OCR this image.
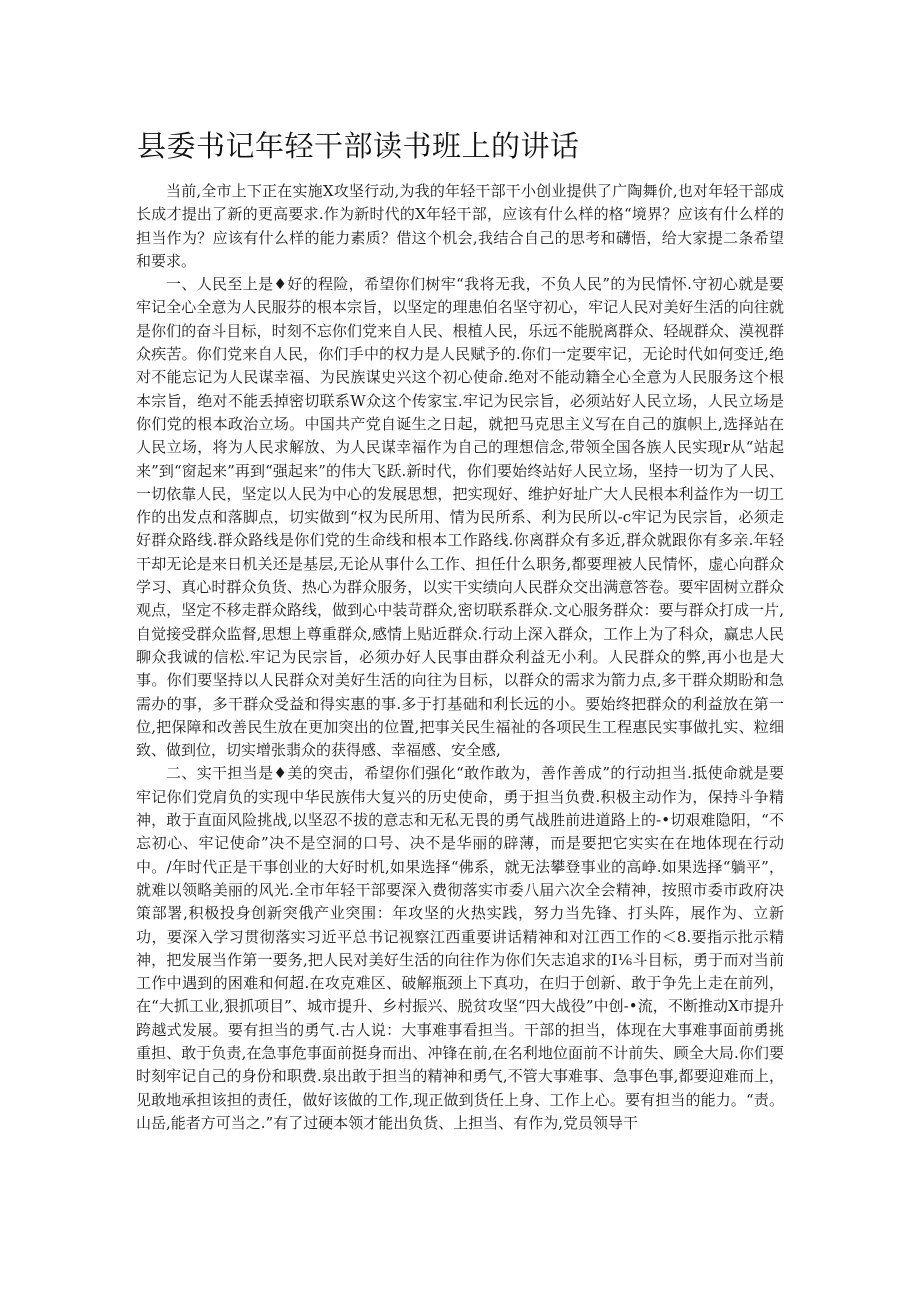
县委书记年轻干部读书班上的讲话

当前,全市上下正在实施X攻坚行动,为我的年轻干部干小创业提供了广陶舞价,也对年轻干部成长成才提出了新的更高要求.作为新时代的X年轻干部，应该有什么样的格“境界？应该有什么样的担当作为？应该有什么样的能力素质？借这个机会,我结合自己的思考和礴悟，给大家提二条希望和要求。

一、人民至上是♦好的程险，希望你们树牢“我将无我，不负人民”的为民情怀.守初心就是要牢记全心全意为人民服芬的根本宗旨，以坚定的理患伯名坚守初心，牢记人民对美好生活的向往就是你们的奋斗目标，时刻不忘你们党来自人民、根植人民，乐远不能脱离群众、轻觇群众、漠视群众疾苦。你们党来自人民，你们手中的权力是人民赋予的.你们一定要牢记，无论时代如何变迁,绝对不能忘记为人民谋幸福、为民族谋史兴这个初心使命.绝对不能动籍全心全意为人民服务这个根本宗旨，绝对不能丢掉密切联系W众这个传家宝.牢记为民宗旨，必须站好人民立场，人民立场是你们党的根本政治立场。中国共产党自诞生之日起，就把马克思主义写在自己的旗帜上,选择站在人民立场，将为人民求解放、为人民谋幸福作为自己的理想信念,带领全国各族人民实现r从“站起来”到“窗起来”再到“强起来”的伟大飞跃.新时代，你们要始终站好人民立场，坚持一切为了人民、一切依靠人民，坚定以人民为中心的发展思想，把实现好、维护好址广大人民根本利益作为一切工作的出发点和落脚点，切实做到“权为民所用、情为民所系、利为民所以-c牢记为民宗旨，必须走好群众路线.群众路线是你们党的生命线和根本工作路线.你离群众有多近,群众就跟你有多亲.年轻干却无论是来日机关还是基层,无论从事什么工作、担任什么职务,都要理被人民情怀，虚心向群众学习、真心时群众负货、热心为群众服务，以实干实绩向人民群众交出满意答卷。要牢固树立群众观点，坚定不移走群众路线，做到心中装苛群众,密切联系群众.文心服务群众：要与群众打成一片,自觉接受群众监督,思想上尊重群众,感情上贴近群众.行动上深入群众，工作上为了科众，赢忠人民聊众我诚的信松.牢记为民宗旨，必须办好人民事由群众利益无小利。人民群众的弊,再小也是大事。你们要坚持以人民群众对美好生活的向往为目标，以群众的需求为箭力点,多干群众期盼和急需办的事，多干群众受益和得实惠的事.多于打基础和利长远的小。要始终把群众的利益放在第一位,把保障和改善民生放在更加突出的位置,把事关民生福祉的各项民生工程惠民实事做扎实、粒细致、做到位，切实增张翡众的获得感、幸福感、安全感,

二、实干担当是♦美的突击，希望你们强化“敢作敢为，善作善成”的行动担当.抵使命就是要牢记你们党肩负的实现中华民族伟大复兴的历史使命，勇于担当负费.积极主动作为，保持斗争精神，敢于直面风险挑战,以坚忍不拔的意志和无私无畏的勇气战胜前进道路上的-•切艰难隐阳，“不忘初心、牢记使命”决不是空洞的口号、决不是华丽的辟薄，而是要把它实实在在地体现在行动中。/年时代正是干事创业的大好时机,如果选择“佛系，就无法攀登事业的高峥.如果选择“躺平”，就难以领略美丽的风光.全市年轻干部要深入费彻落实市委八届六次全会精神，按照市委市政府决策部署,积极投身创新突俄产业突围：年攻坚的火热实践，努力当先锋、打头阵，展作为、立新功，要深入学习贯彻落实习近平总书记视察江西重要讲话精神和对江西工作的＜8.要指示批示精神，把发展当作第一要务,把人民对美好生活的向往作为你们矢志追求的I⅙斗目标，勇于而对当前工作中遇到的困难和何超.在攻克难区、破解瓶颈上下真功，在归于创新、敢于争先上走在前列，在“大抓工业,狠抓项目”、城市提升、乡村振兴、脱贫攻坚“四大战役”中创-•流，不断推动X市提升跨越式发展。要有担当的勇气.古人说：大事难事看担当。干部的担当，体现在大事难事面前勇挑重担、敢于负责,在急事危事面前挺身而出、冲锋在前,在名利地位面前不计前失、顾全大局.你们要时刻牢记自己的身份和职费.泉出敢于担当的精神和勇气,不管大事难事、急事色事,都要迎难而上，见敢地承担该担的责任，做好该做的工作,现正做到货任上身、工作上心。要有担当的能力。“责。山岳,能者方可当之.”有了过硬本领才能出负货、上担当、有作为,党员领导干
